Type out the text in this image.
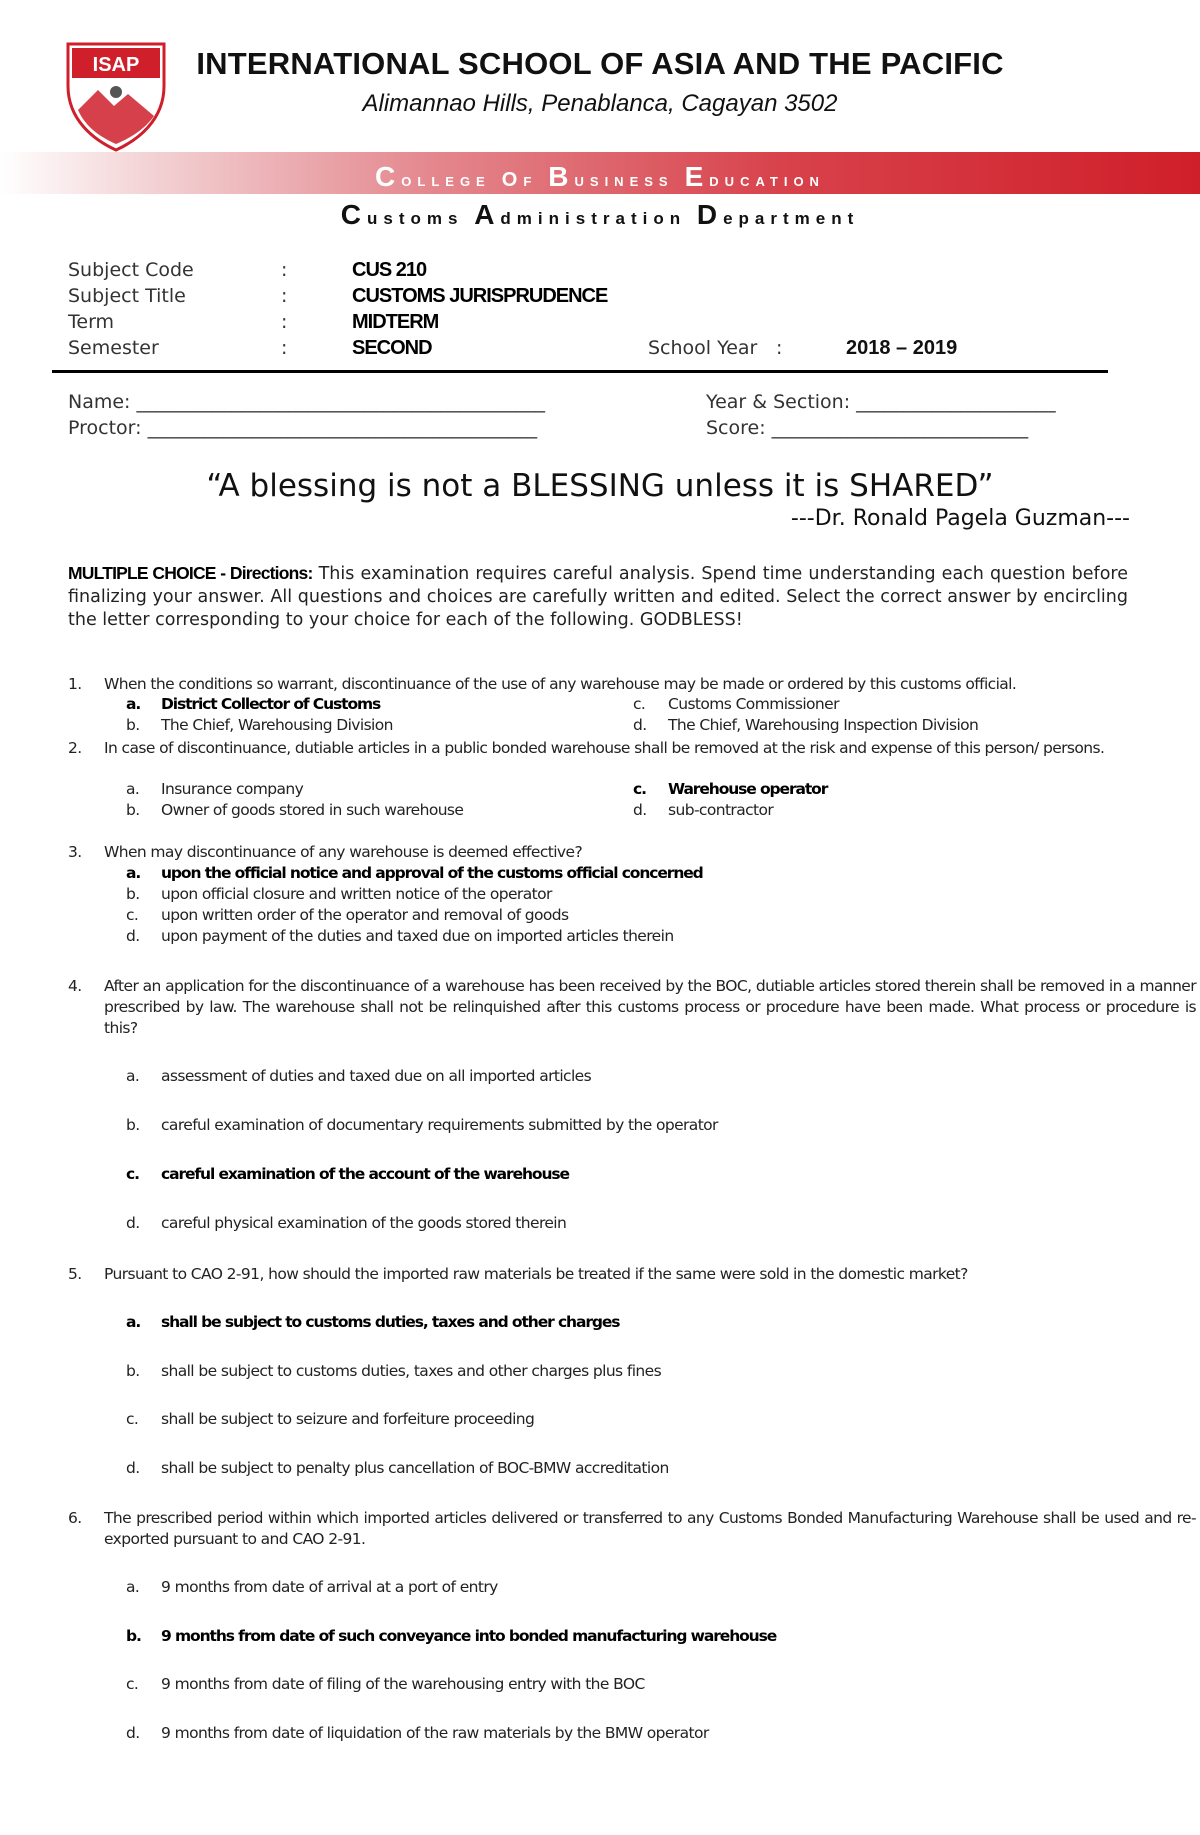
ISAP	INTERNATIONAL SCHOOL OF ASIA AND THE PACIFIC
Alimannao Hills, Penablanca, Cagayan 3502
College of Business Education
Customs Administration Department
Subject Code	:	CUS 210
Subject Title	:	CUSTOMS JURISPRUDENCE
Term	:	MIDTERM
Semester	:	SECOND	School Year :	2018 – 2019
Name: ___________________________________________
Proctor: _________________________________________
Year & Section: _____________________
Score: ___________________________
“A blessing is not a BLESSING unless it is SHARED”
---Dr. Ronald Pagela Guzman---
MULTIPLE CHOICE - Directions: This examination requires careful analysis. Spend time understanding each question before finalizing your answer. All questions and choices are carefully written and edited. Select the correct answer by encircling the letter corresponding to your choice for each of the following. GODBLESS!
1. When the conditions so warrant, discontinuance of the use of any warehouse may be made or ordered by this customs official.
a. District Collector of Customs
b. The Chief, Warehousing Division
c. Customs Commissioner
d. The Chief, Warehousing Inspection Division
2. In case of discontinuance, dutiable articles in a public bonded warehouse shall be removed at the risk and expense of this person/ persons.
a. Insurance company
b. Owner of goods stored in such warehouse
c. Warehouse operator
d. sub-contractor
3. When may discontinuance of any warehouse is deemed effective?
a. upon the official notice and approval of the customs official concerned
b. upon official closure and written notice of the operator
c. upon written order of the operator and removal of goods
d. upon payment of the duties and taxed due on imported articles therein
4. After an application for the discontinuance of a warehouse has been received by the BOC, dutiable articles stored therein shall be removed in a manner prescribed by law. The warehouse shall not be relinquished after this customs process or procedure have been made. What process or procedure is this?
a. assessment of duties and taxed due on all imported articles
b. careful examination of documentary requirements submitted by the operator
c. careful examination of the account of the warehouse
d. careful physical examination of the goods stored therein
5. Pursuant to CAO 2-91, how should the imported raw materials be treated if the same were sold in the domestic market?
a. shall be subject to customs duties, taxes and other charges
b. shall be subject to customs duties, taxes and other charges plus fines
c. shall be subject to seizure and forfeiture proceeding
d. shall be subject to penalty plus cancellation of BOC-BMW accreditation
6. The prescribed period within which imported articles delivered or transferred to any Customs Bonded Manufacturing Warehouse shall be used and re-exported pursuant to and CAO 2-91.
a. 9 months from date of arrival at a port of entry
b. 9 months from date of such conveyance into bonded manufacturing warehouse
c. 9 months from date of filing of the warehousing entry with the BOC
d. 9 months from date of liquidation of the raw materials by the BMW operator
